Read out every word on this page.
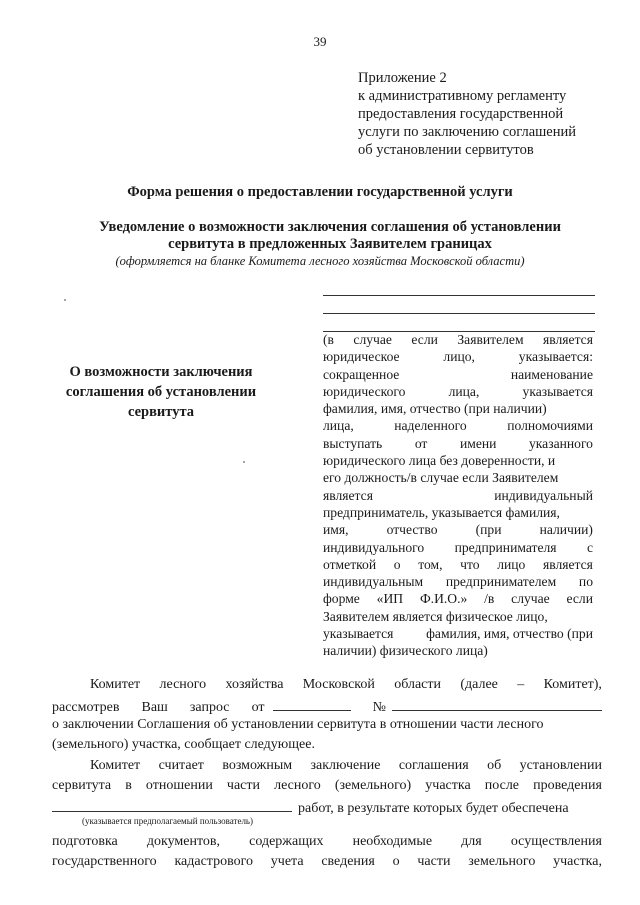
39
Приложение 2
к административному регламенту
предоставления государственной
услуги по заключению соглашений
об установлении сервитутов
Форма решения о предоставлении государственной услуги
Уведомление о возможности заключения соглашения об установлении
сервитута в предложенных Заявителем границах
(оформляется на бланке Комитета лесного хозяйства Московской области)
О возможности заключения
соглашения об установлении
сервитута
(в случае если Заявителем является
юридическое	лицо,	указывается:
сокращенное	наименование
юридического	лица,	указывается
фамилия, имя, отчество (при наличии)
лица,	наделенного	полномочиями
выступать от имени указанного
юридического лица без доверенности, и
его должность/в случае если Заявителем
является	индивидуальный
предприниматель, указывается фамилия,
имя,	отчество	(при	наличии)
индивидуального предпринимателя с
отметкой о том, что лицо является
индивидуальным предпринимателем по
форме «ИП Ф.И.О.» /в случае если
Заявителем является физическое лицо,
указывается фамилия, имя, отчество (при
наличии) физического лица)
Комитет лесного хозяйства Московской области (далее – Комитет),
рассмотрев Ваш запрос от	№
о заключении Соглашения об установлении сервитута в отношении части лесного
(земельного) участка, сообщает следующее.
Комитет считает возможным заключение соглашения об установлении
сервитута в отношении части лесного (земельного) участка после проведения
работ, в результате которых будет обеспечена
(указывается предполагаемый пользователь)
подготовка документов, содержащих необходимые для осуществления
государственного кадастрового учета сведения о части земельного участка,
